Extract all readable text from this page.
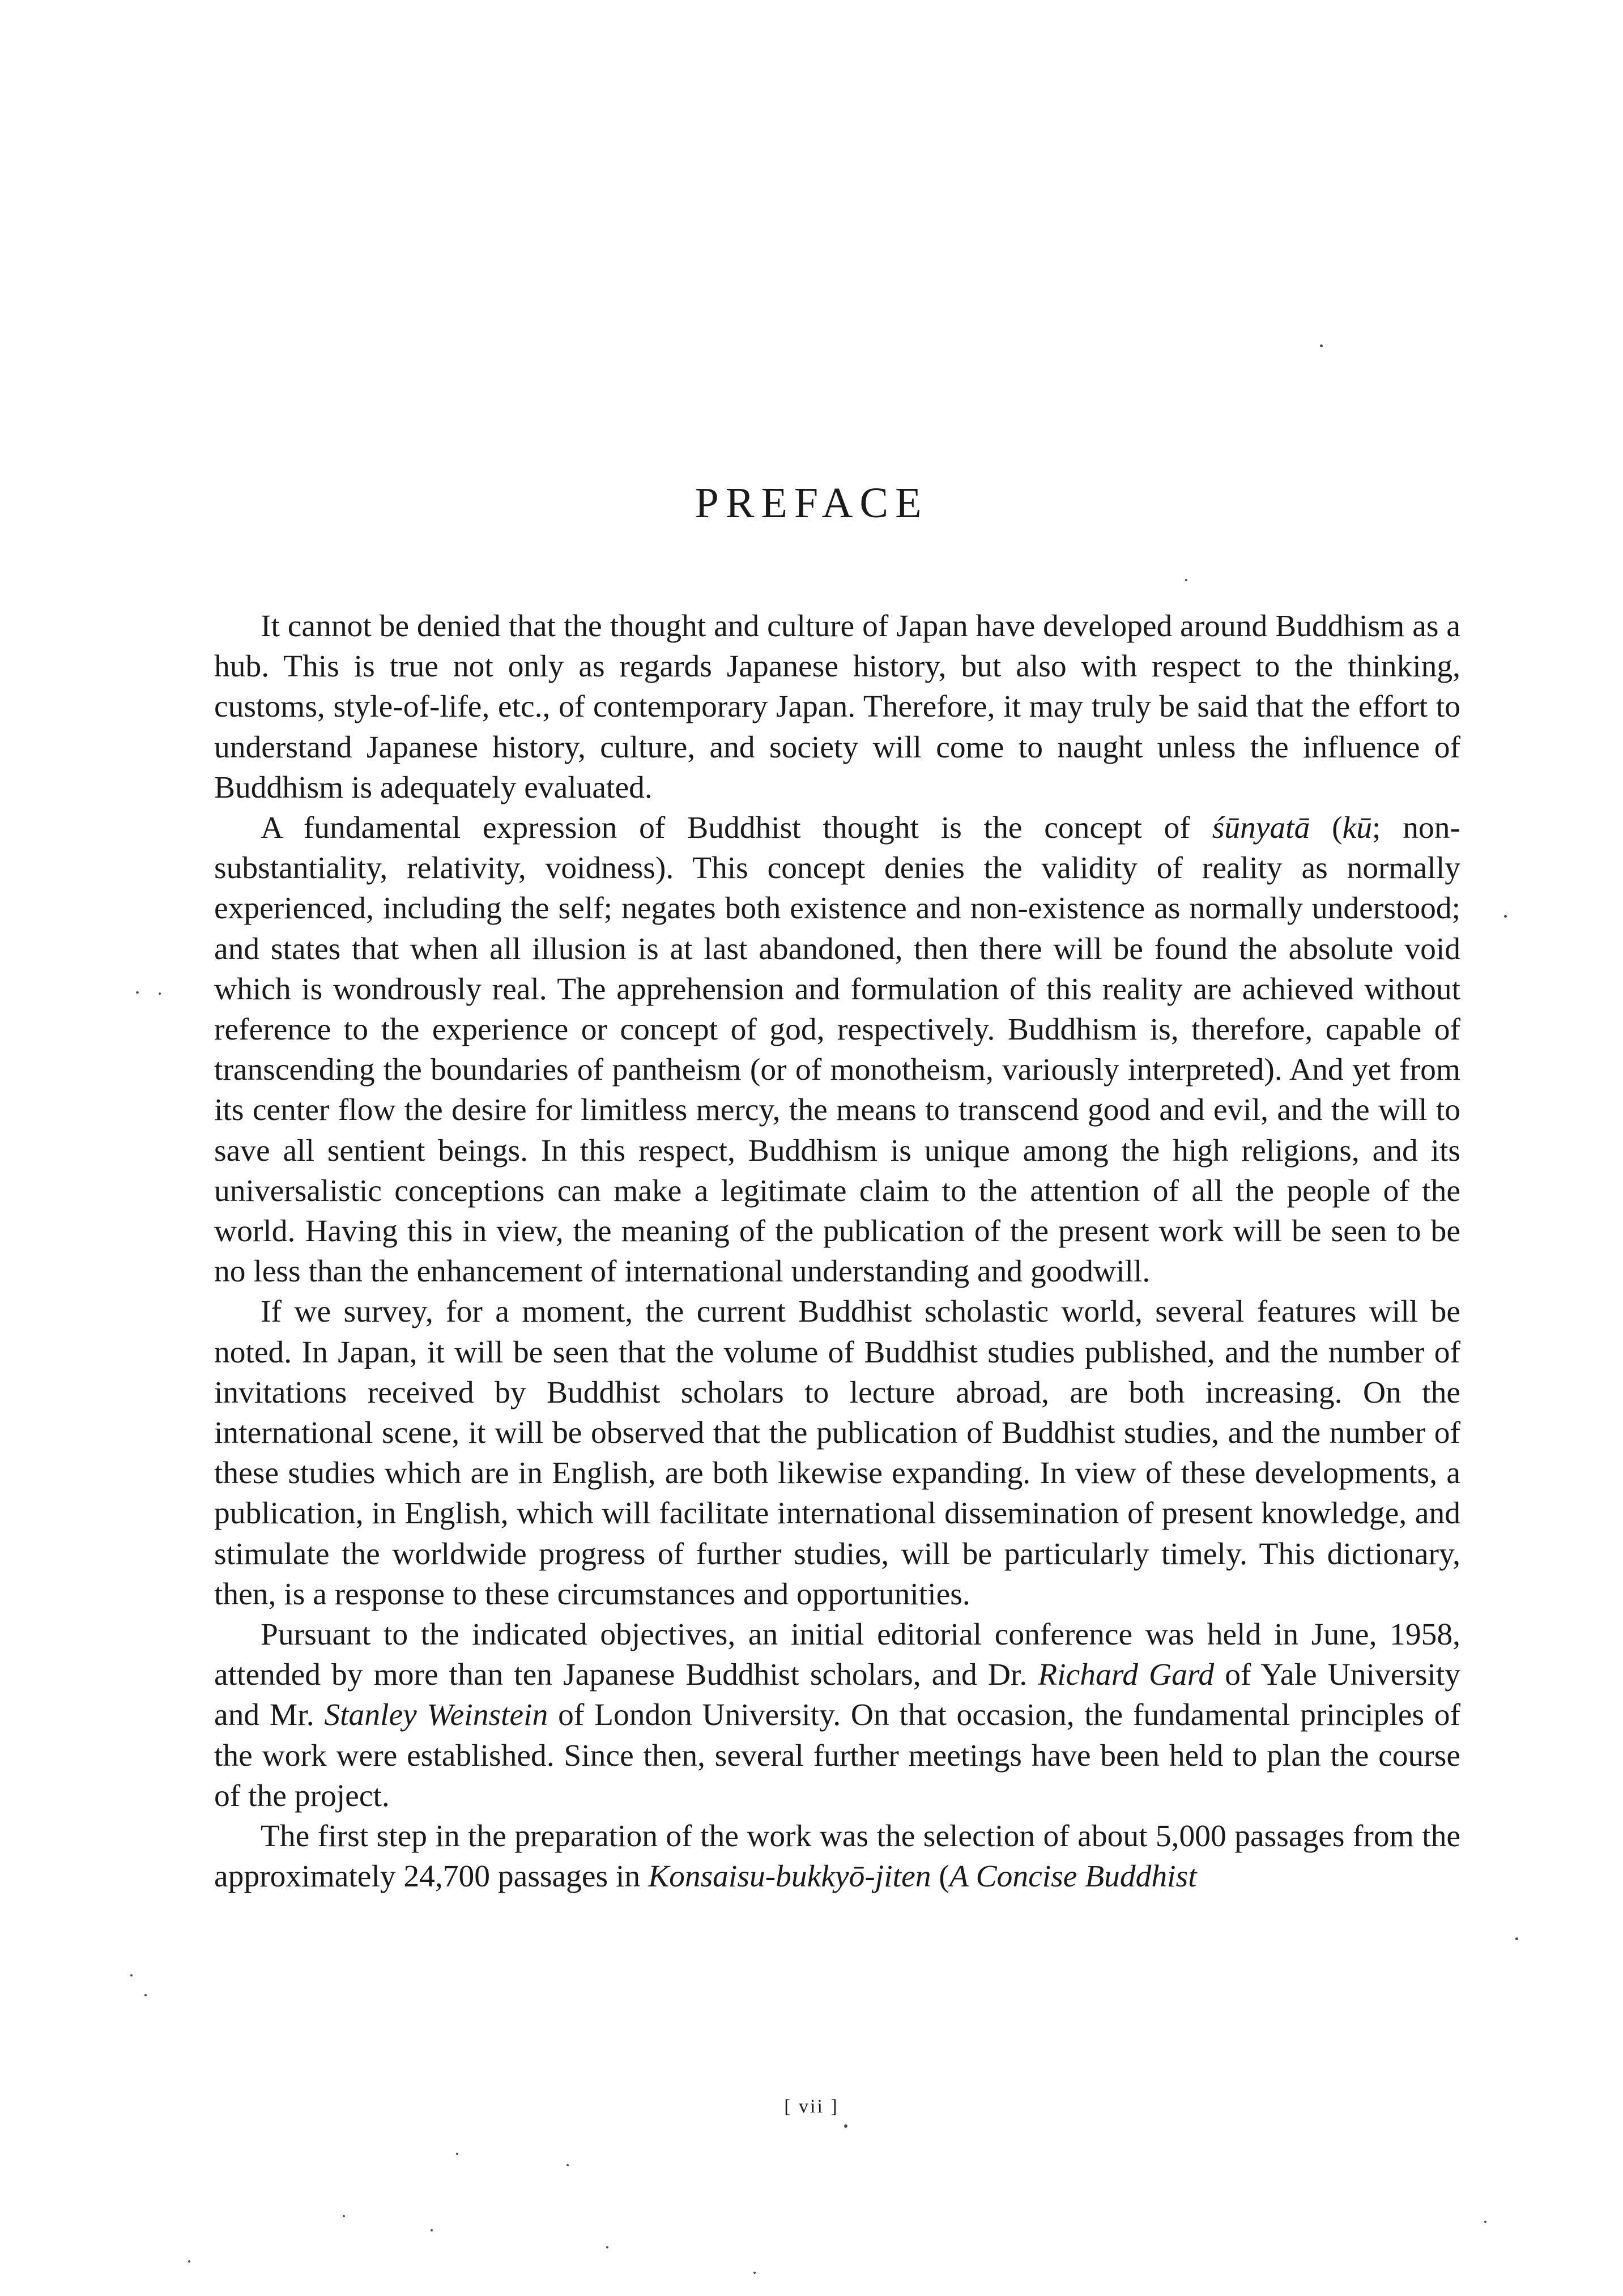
PREFACE

It cannot be denied that the thought and culture of Japan have developed around Buddhism as a hub. This is true not only as regards Japanese history, but also with respect to the thinking, customs, style-of-life, etc., of contemporary Japan. Therefore, it may truly be said that the effort to understand Japanese history, culture, and society will come to naught unless the influence of Buddhism is adequately evaluated.

A fundamental expression of Buddhist thought is the concept of śūnyatā (kū; non-substantiality, relativity, voidness). This concept denies the validity of reality as normally experienced, including the self; negates both existence and non-existence as normally understood; and states that when all illusion is at last abandoned, then there will be found the absolute void which is wondrously real. The apprehension and formulation of this reality are achieved without reference to the experience or concept of god, respectively. Buddhism is, therefore, capable of transcending the boundaries of pantheism (or of monotheism, variously interpreted). And yet from its center flow the desire for limitless mercy, the means to transcend good and evil, and the will to save all sentient beings. In this respect, Buddhism is unique among the high religions, and its universalistic conceptions can make a legitimate claim to the attention of all the people of the world. Having this in view, the meaning of the publication of the present work will be seen to be no less than the enhancement of international understanding and goodwill.

If we survey, for a moment, the current Buddhist scholastic world, several features will be noted. In Japan, it will be seen that the volume of Buddhist studies published, and the number of invitations received by Buddhist scholars to lecture abroad, are both increasing. On the international scene, it will be observed that the publication of Buddhist studies, and the number of these studies which are in English, are both likewise expanding. In view of these developments, a publication, in English, which will facilitate international dissemination of present knowledge, and stimulate the worldwide progress of further studies, will be particularly timely. This dictionary, then, is a response to these circumstances and opportunities.

Pursuant to the indicated objectives, an initial editorial conference was held in June, 1958, attended by more than ten Japanese Buddhist scholars, and Dr. Richard Gard of Yale University and Mr. Stanley Weinstein of London University. On that occasion, the fundamental principles of the work were established. Since then, several further meetings have been held to plan the course of the project.

The first step in the preparation of the work was the selection of about 5,000 passages from the approximately 24,700 passages in Konsaisu-bukkyō-jiten (A Concise Buddhist

[ vii ]
